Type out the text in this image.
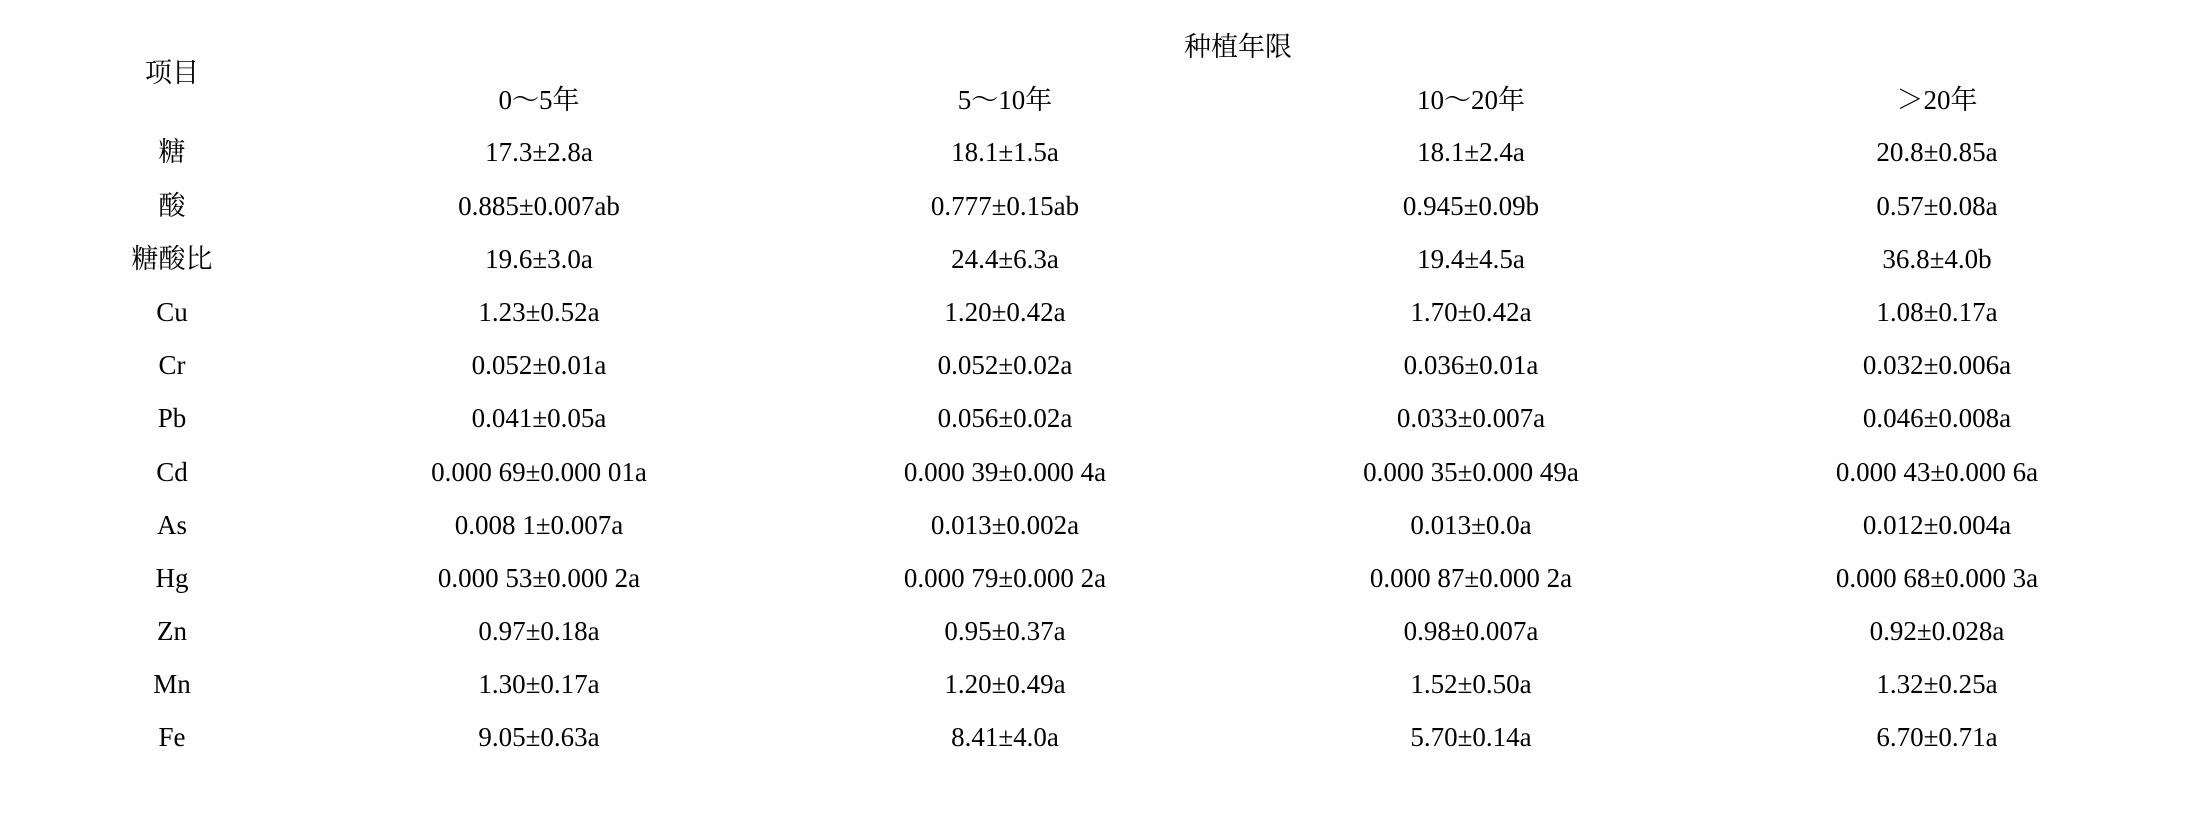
项目	种植年限			
	0～5年	5～10年	10～20年	＞20年
糖	17.3±2.8a	18.1±1.5a	18.1±2.4a	20.8±0.85a
酸	0.885±0.007ab	0.777±0.15ab	0.945±0.09b	0.57±0.08a
糖酸比	19.6±3.0a	24.4±6.3a	19.4±4.5a	36.8±4.0b
Cu	1.23±0.52a	1.20±0.42a	1.70±0.42a	1.08±0.17a
Cr	0.052±0.01a	0.052±0.02a	0.036±0.01a	0.032±0.006a
Pb	0.041±0.05a	0.056±0.02a	0.033±0.007a	0.046±0.008a
Cd	0.000 69±0.000 01a	0.000 39±0.000 4a	0.000 35±0.000 49a	0.000 43±0.000 6a
As	0.008 1±0.007a	0.013±0.002a	0.013±0.0a	0.012±0.004a
Hg	0.000 53±0.000 2a	0.000 79±0.000 2a	0.000 87±0.000 2a	0.000 68±0.000 3a
Zn	0.97±0.18a	0.95±0.37a	0.98±0.007a	0.92±0.028a
Mn	1.30±0.17a	1.20±0.49a	1.52±0.50a	1.32±0.25a
Fe	9.05±0.63a	8.41±4.0a	5.70±0.14a	6.70±0.71a
